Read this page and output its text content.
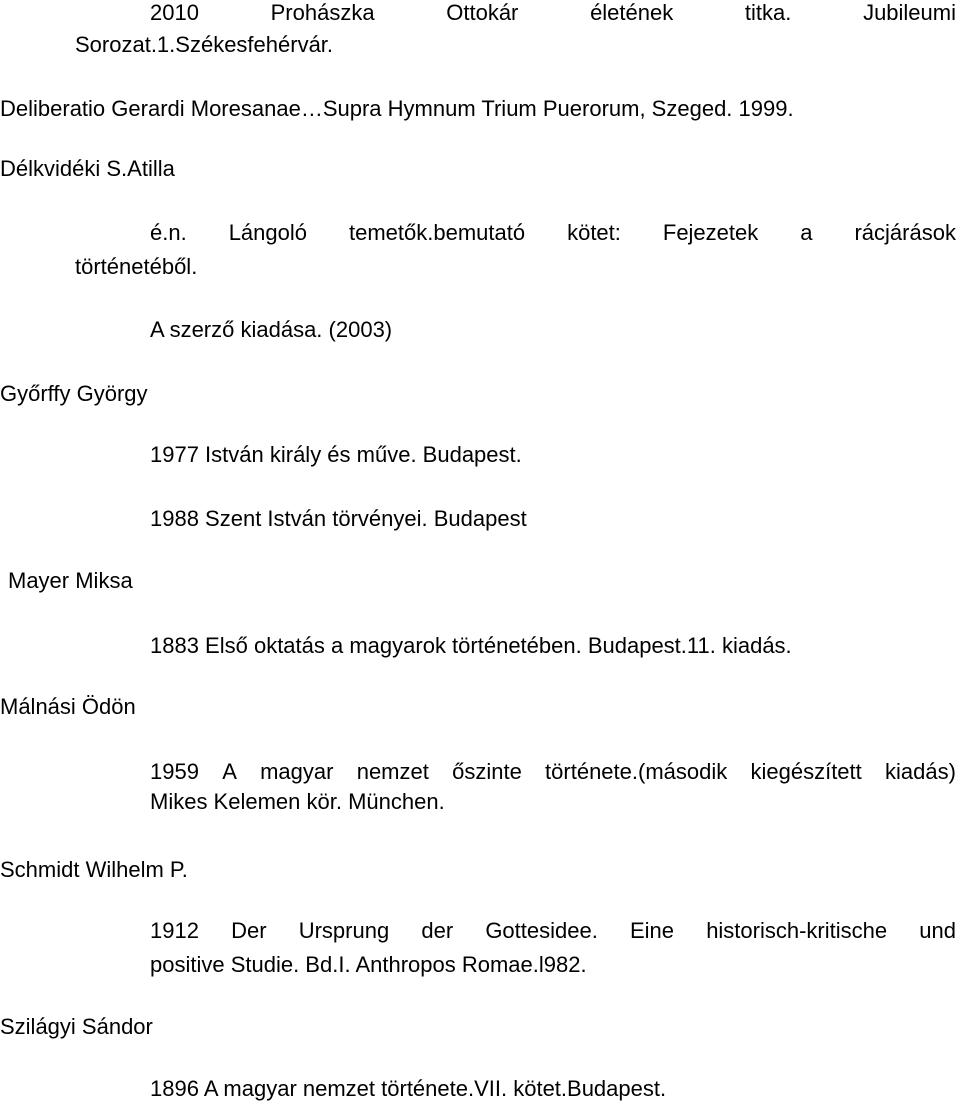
2010	Prohászka	Ottokár	életének	titka.	Jubileumi
Sorozat.1.Székesfehérvár.
Deliberatio Gerardi Moresanae…Supra Hymnum Trium Puerorum, Szeged. 1999.
Délkvidéki S.Atilla
é.n. Lángoló temetők.bemutató kötet: Fejezetek a rácjárások
történetéből.
A szerző kiadása. (2003)
Győrffy György
1977 István király és műve. Budapest.
1988 Szent István törvényei. Budapest
Mayer Miksa
1883 Első oktatás a magyarok történetében. Budapest.11. kiadás.
Málnási Ödön
1959 A magyar nemzet őszinte története.(második kiegészített kiadás)
Mikes Kelemen kör. München.
Schmidt Wilhelm P.
1912 Der Ursprung der Gottesidee. Eine historisch-kritische und
positive Studie. Bd.I. Anthropos Romae.l982.
Szilágyi Sándor
1896 A magyar nemzet története.VII. kötet.Budapest.
